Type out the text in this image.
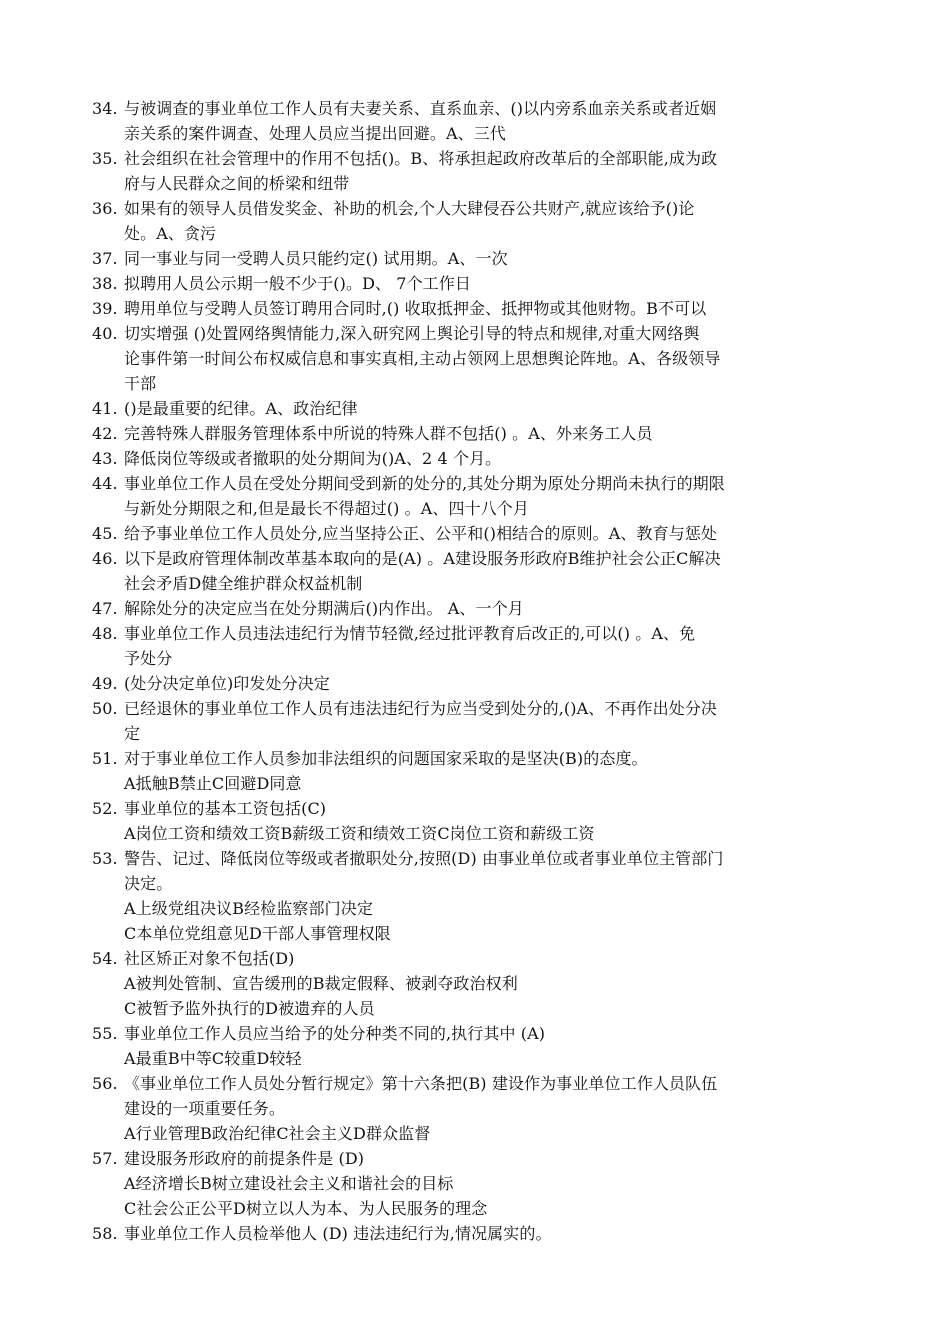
34. 与被调查的事业单位工作人员有夫妻关系、直系血亲、()以内旁系血亲关系或者近姻
亲关系的案件调查、处理人员应当提出回避。A、三代
35. 社会组织在社会管理中的作用不包括()。B、将承担起政府改革后的全部职能,成为政
府与人民群众之间的桥梁和纽带
36. 如果有的领导人员借发奖金、补助的机会,个人大肆侵吞公共财产,就应该给予()论
处。A、贪污
37. 同一事业与同一受聘人员只能约定() 试用期。A、一次
38. 拟聘用人员公示期一般不少于()。D、 7个工作日
39. 聘用单位与受聘人员签订聘用合同时,() 收取抵押金、抵押物或其他财物。B不可以
40. 切实增强 ()处置网络舆情能力,深入研究网上舆论引导的特点和规律,对重大网络舆
论事件第一时间公布权威信息和事实真相,主动占领网上思想舆论阵地。A、各级领导
干部
41. ()是最重要的纪律。A、政治纪律
42. 完善特殊人群服务管理体系中所说的特殊人群不包括() 。A、外来务工人员
43. 降低岗位等级或者撤职的处分期间为()A、2 4 个月。
44. 事业单位工作人员在受处分期间受到新的处分的,其处分期为原处分期尚未执行的期限
与新处分期限之和,但是最长不得超过() 。A、四十八个月
45. 给予事业单位工作人员处分,应当坚持公正、公平和()相结合的原则。A、教育与惩处
46. 以下是政府管理体制改革基本取向的是(A) 。A建设服务形政府B维护社会公正C解决
社会矛盾D健全维护群众权益机制
47. 解除处分的决定应当在处分期满后()内作出。 A、一个月
48. 事业单位工作人员违法违纪行为情节轻微,经过批评教育后改正的,可以() 。A、免
予处分
49. (处分决定单位)印发处分决定
50. 已经退休的事业单位工作人员有违法违纪行为应当受到处分的,()A、不再作出处分决
定
51. 对于事业单位工作人员参加非法组织的问题国家采取的是坚决(B)的态度。
A抵触B禁止C回避D同意
52. 事业单位的基本工资包括(C)
A岗位工资和绩效工资B薪级工资和绩效工资C岗位工资和薪级工资
53. 警告、记过、降低岗位等级或者撤职处分,按照(D) 由事业单位或者事业单位主管部门
决定。
A上级党组决议B经检监察部门决定
C本单位党组意见D干部人事管理权限
54. 社区矫正对象不包括(D)
A被判处管制、宣告缓刑的B裁定假释、被剥夺政治权利
C被暂予监外执行的D被遗弃的人员
55. 事业单位工作人员应当给予的处分种类不同的,执行其中 (A)
A最重B中等C较重D较轻
56. 《事业单位工作人员处分暂行规定》第十六条把(B) 建设作为事业单位工作人员队伍
建设的一项重要任务。
A行业管理B政治纪律C社会主义D群众监督
57. 建设服务形政府的前提条件是 (D)
A经济增长B树立建设社会主义和谐社会的目标
C社会公正公平D树立以人为本、为人民服务的理念
58. 事业单位工作人员检举他人 (D) 违法违纪行为,情况属实的。
